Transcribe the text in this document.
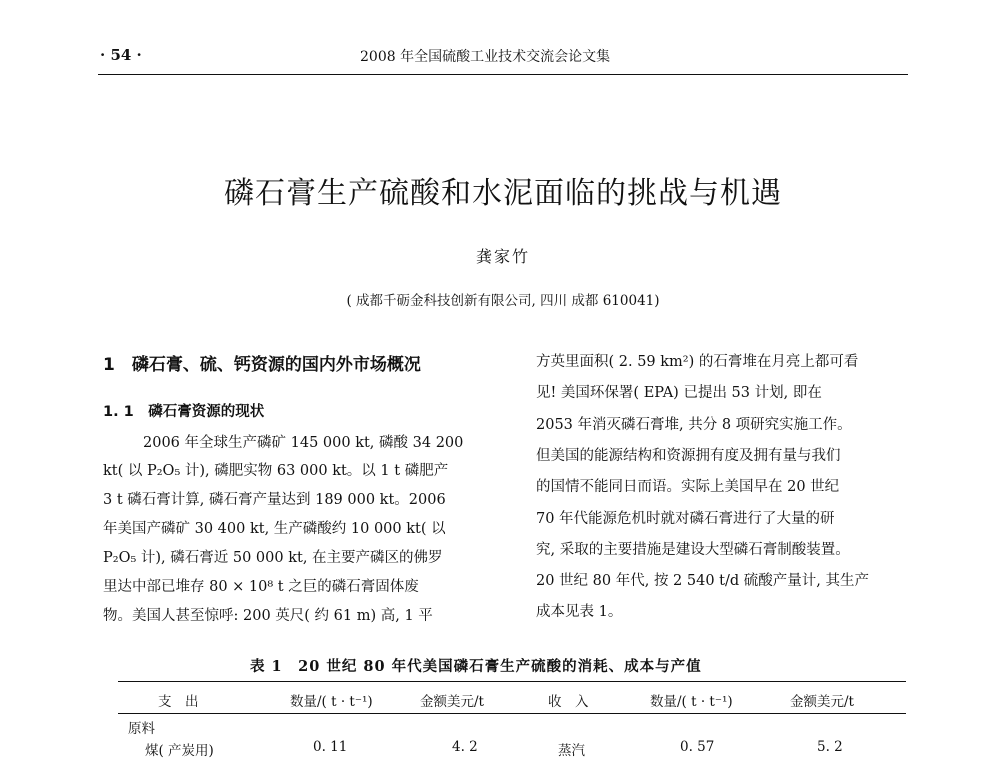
· 54 ·	2008 年全国硫酸工业技术交流会论文集
磷石膏生产硫酸和水泥面临的挑战与机遇
龚家竹
( 成都千砺金科技创新有限公司, 四川 成都 610041)
1　磷石膏、硫、钙资源的国内外市场概况
1. 1　磷石膏资源的现状
2006 年全球生产磷矿 145 000 kt, 磷酸 34 200
kt( 以 P₂O₅ 计), 磷肥实物 63 000 kt。以 1 t 磷肥产
3 t 磷石膏计算, 磷石膏产量达到 189 000 kt。2006
年美国产磷矿 30 400 kt, 生产磷酸约 10 000 kt( 以
P₂O₅ 计), 磷石膏近 50 000 kt, 在主要产磷区的佛罗
里达中部已堆存 80 × 10⁸ t 之巨的磷石膏固体废
物。美国人甚至惊呼: 200 英尺( 约 61 m) 高, 1 平
方英里面积( 2. 59 km²) 的石膏堆在月亮上都可看
见! 美国环保署( EPA) 已提出 53 计划, 即在
2053 年消灭磷石膏堆, 共分 8 项研究实施工作。
但美国的能源结构和资源拥有度及拥有量与我们
的国情不能同日而语。实际上美国早在 20 世纪
70 年代能源危机时就对磷石膏进行了大量的研
究, 采取的主要措施是建设大型磷石膏制酸装置。
20 世纪 80 年代, 按 2 540 t/d 硫酸产量计, 其生产
成本见表 1。
表 1　20 世纪 80 年代美国磷石膏生产硫酸的消耗、成本与产值
支　出	数量/( t · t⁻¹)	金额美元/t	收　入	数量/( t · t⁻¹)	金额美元/t
原料
煤( 产炭用)	0. 11	4. 2	蒸汽	0. 57	5. 2
